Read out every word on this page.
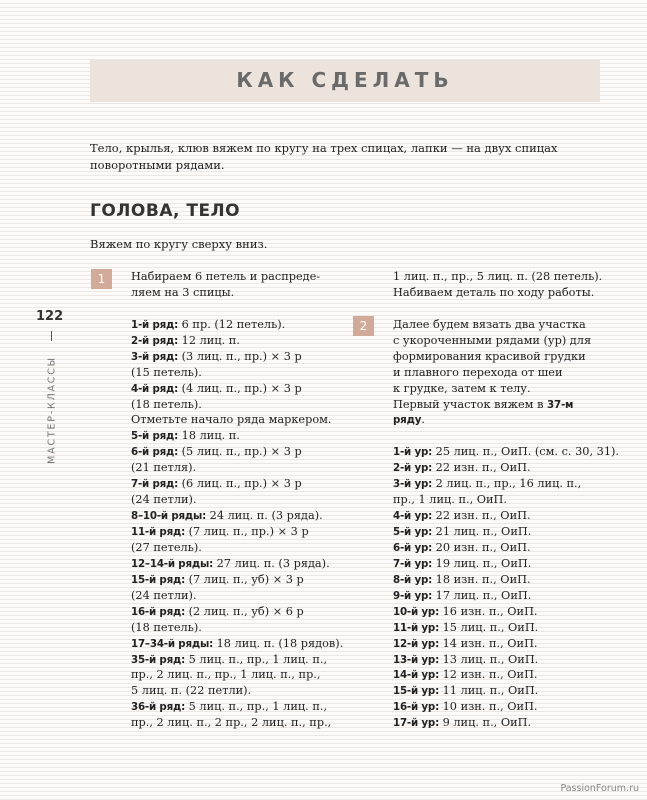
КАК СДЕЛАТЬ
Тело, крылья, клюв вяжем по кругу на трех спицах, лапки — на двух спицах поворотными рядами.
ГОЛОВА, ТЕЛО
Вяжем по кругу сверху вниз.
122
МАСТЕР-КЛАССЫ
1
2
Набираем 6 петель и распреде-
ляем на 3 спицы.
1-й ряд: 6 пр. (12 петель).
2-й ряд: 12 лиц. п.
3-й ряд: (3 лиц. п., пр.) × 3 р
(15 петель).
4-й ряд: (4 лиц. п., пр.) × 3 р
(18 петель).
Отметьте начало ряда маркером.
5-й ряд: 18 лиц. п.
6-й ряд: (5 лиц. п., пр.) × 3 р
(21 петля).
7-й ряд: (6 лиц. п., пр.) × 3 р
(24 петли).
8–10-й ряды: 24 лиц. п. (3 ряда).
11-й ряд: (7 лиц. п., пр.) × 3 р
(27 петель).
12–14-й ряды: 27 лиц. п. (3 ряда).
15-й ряд: (7 лиц. п., уб) × 3 р
(24 петли).
16-й ряд: (2 лиц. п., уб) × 6 р
(18 петель).
17–34-й ряды: 18 лиц. п. (18 рядов).
35-й ряд: 5 лиц. п., пр., 1 лиц. п.,
пр., 2 лиц. п., пр., 1 лиц. п., пр.,
5 лиц. п. (22 петли).
36-й ряд: 5 лиц. п., пр., 1 лиц. п.,
пр., 2 лиц. п., 2 пр., 2 лиц. п., пр.,
1 лиц. п., пр., 5 лиц. п. (28 петель).
Набиваем деталь по ходу работы.
Далее будем вязать два участка
с укороченными рядами (ур) для
формирования красивой грудки
и плавного перехода от шеи
к грудке, затем к телу.
Первый участок вяжем в 37-м
ряду.
1-й ур: 25 лиц. п., ОиП. (см. с. 30, 31).
2-й ур: 22 изн. п., ОиП.
3-й ур: 2 лиц. п., пр., 16 лиц. п.,
пр., 1 лиц. п., ОиП.
4-й ур: 22 изн. п., ОиП.
5-й ур: 21 лиц. п., ОиП.
6-й ур: 20 изн. п., ОиП.
7-й ур: 19 лиц. п., ОиП.
8-й ур: 18 изн. п., ОиП.
9-й ур: 17 лиц. п., ОиП.
10-й ур: 16 изн. п., ОиП.
11-й ур: 15 лиц. п., ОиП.
12-й ур: 14 изн. п., ОиП.
13-й ур: 13 лиц. п., ОиП.
14-й ур: 12 изн. п., ОиП.
15-й ур: 11 лиц. п., ОиП.
16-й ур: 10 изн. п., ОиП.
17-й ур: 9 лиц. п., ОиП.
PassionForum.ru
